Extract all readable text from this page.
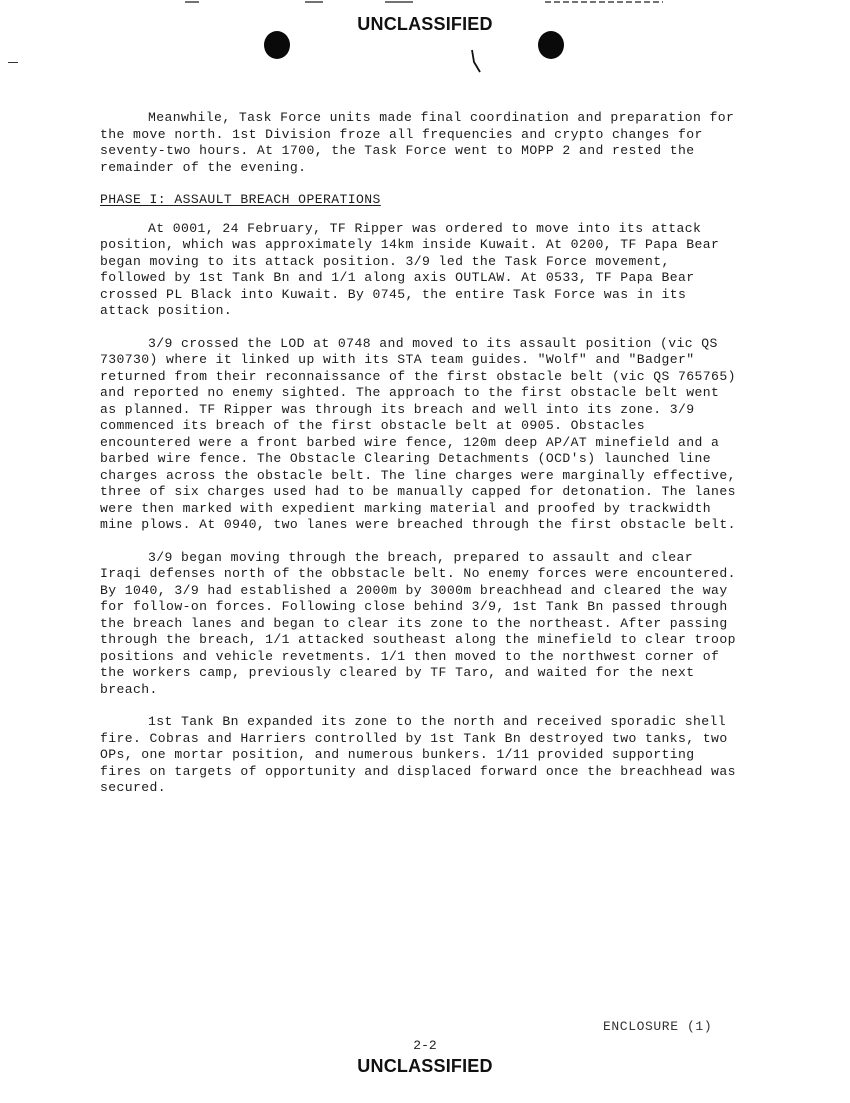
UNCLASSIFIED

Meanwhile, Task Force units made final coordination and preparation for the move north. 1st Division froze all frequencies and crypto changes for seventy-two hours. At 1700, the Task Force went to MOPP 2 and rested the remainder of the evening.

PHASE I: ASSAULT BREACH OPERATIONS

At 0001, 24 February, TF Ripper was ordered to move into its attack position, which was approximately 14km inside Kuwait. At 0200, TF Papa Bear began moving to its attack position. 3/9 led the Task Force movement, followed by 1st Tank Bn and 1/1 along axis OUTLAW. At 0533, TF Papa Bear crossed PL Black into Kuwait. By 0745, the entire Task Force was in its attack position.

3/9 crossed the LOD at 0748 and moved to its assault position (vic QS 730730) where it linked up with its STA team guides. "Wolf" and "Badger" returned from their reconnaissance of the first obstacle belt (vic QS 765765) and reported no enemy sighted. The approach to the first obstacle belt went as planned. TF Ripper was through its breach and well into its zone. 3/9 commenced its breach of the first obstacle belt at 0905. Obstacles encountered were a front barbed wire fence, 120m deep AP/AT minefield and a barbed wire fence. The Obstacle Clearing Detachments (OCD's) launched line charges across the obstacle belt. The line charges were marginally effective, three of six charges used had to be manually capped for detonation. The lanes were then marked with expedient marking material and proofed by trackwidth mine plows. At 0940, two lanes were breached through the first obstacle belt.

3/9 began moving through the breach, prepared to assault and clear Iraqi defenses north of the obbstacle belt. No enemy forces were encountered. By 1040, 3/9 had established a 2000m by 3000m breachhead and cleared the way for follow-on forces. Following close behind 3/9, 1st Tank Bn passed through the breach lanes and began to clear its zone to the northeast. After passing through the breach, 1/1 attacked southeast along the minefield to clear troop positions and vehicle revetments. 1/1 then moved to the northwest corner of the workers camp, previously cleared by TF Taro, and waited for the next breach.

1st Tank Bn expanded its zone to the north and received sporadic shell fire. Cobras and Harriers controlled by 1st Tank Bn destroyed two tanks, two OPs, one mortar position, and numerous bunkers. 1/11 provided supporting fires on targets of opportunity and displaced forward once the breachhead was secured.

ENCLOSURE (1)
2-2
UNCLASSIFIED
